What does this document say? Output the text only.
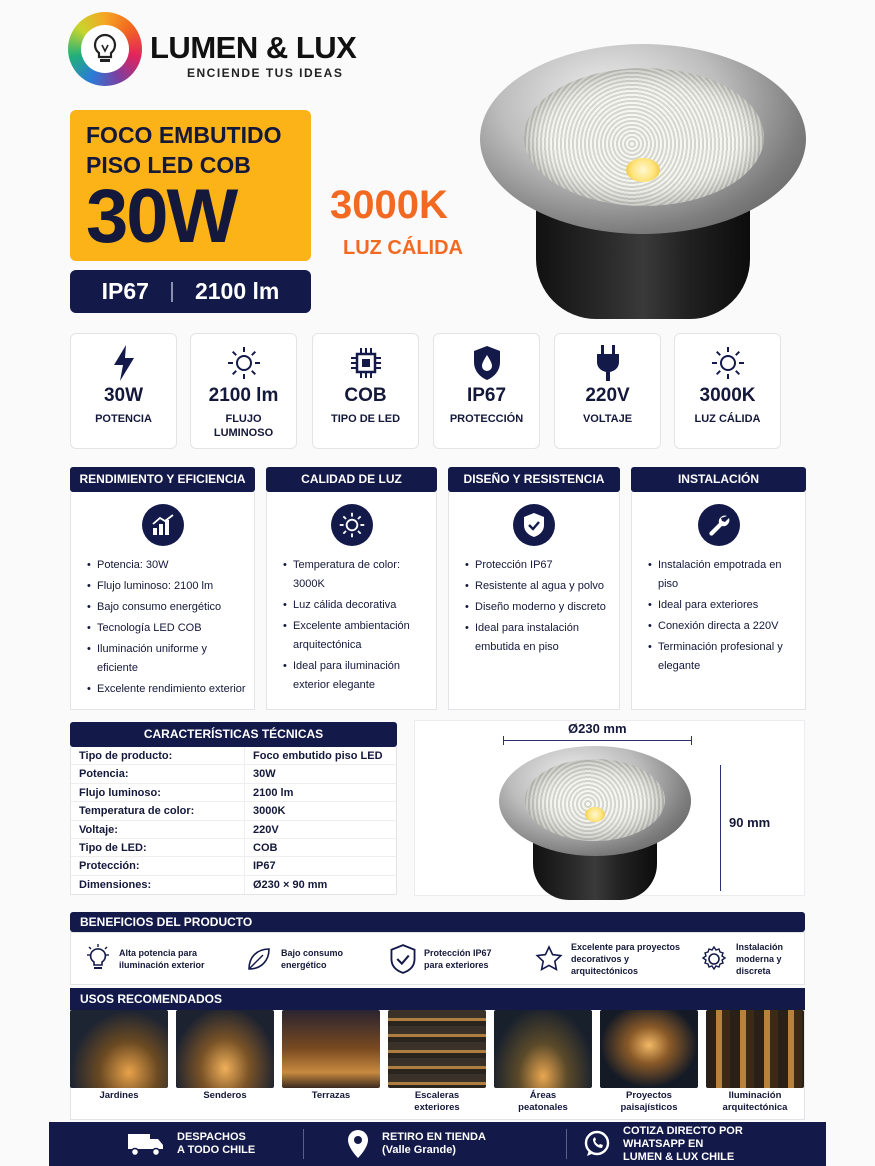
LUMEN & LUX
ENCIENDE TUS IDEAS
FOCO EMBUTIDO
PISO LED COB
30W
IP67 2100 lm
3000K
LUZ CÁLIDA
30W
POTENCIA
2100 lm
FLUJO LUMINOSO
COB
TIPO DE LED
IP67
PROTECCIÓN
220V
VOLTAJE
3000K
LUZ CÁLIDA
RENDIMIENTO Y EFICIENCIA
• Potencia: 30W
• Flujo luminoso: 2100 lm
• Bajo consumo energético
• Tecnología LED COB
• Iluminación uniforme y eficiente
• Excelente rendimiento exterior
CALIDAD DE LUZ
• Temperatura de color: 3000K
• Luz cálida decorativa
• Excelente ambientación arquitectónica
• Ideal para iluminación exterior elegante
DISEÑO Y RESISTENCIA
• Protección IP67
• Resistente al agua y polvo
• Diseño moderno y discreto
• Ideal para instalación embutida en piso
INSTALACIÓN
• Instalación empotrada en piso
• Ideal para exteriores
• Conexión directa a 220V
• Terminación profesional y elegante
CARACTERÍSTICAS TÉCNICAS
Tipo de producto:	Foco embutido piso LED
Potencia:	30W
Flujo luminoso:	2100 lm
Temperatura de color:	3000K
Voltaje:	220V
Tipo de LED:	COB
Protección:	IP67
Dimensiones:	Ø230 × 90 mm
Ø230 mm
90 mm
BENEFICIOS DEL PRODUCTO
Alta potencia para iluminación exterior
Bajo consumo energético
Protección IP67 para exteriores
Excelente para proyectos decorativos y arquitectónicos
Instalación moderna y discreta
USOS RECOMENDADOS
Jardines	Senderos	Terrazas	Escaleras exteriores
Áreas peatonales
Proyectos paisajísticos
Iluminación arquitectónica
DESPACHOS
A TODO CHILE
RETIRO EN TIENDA
(Valle Grande)
COTIZA DIRECTO POR
WHATSAPP EN
LUMEN & LUX CHILE
